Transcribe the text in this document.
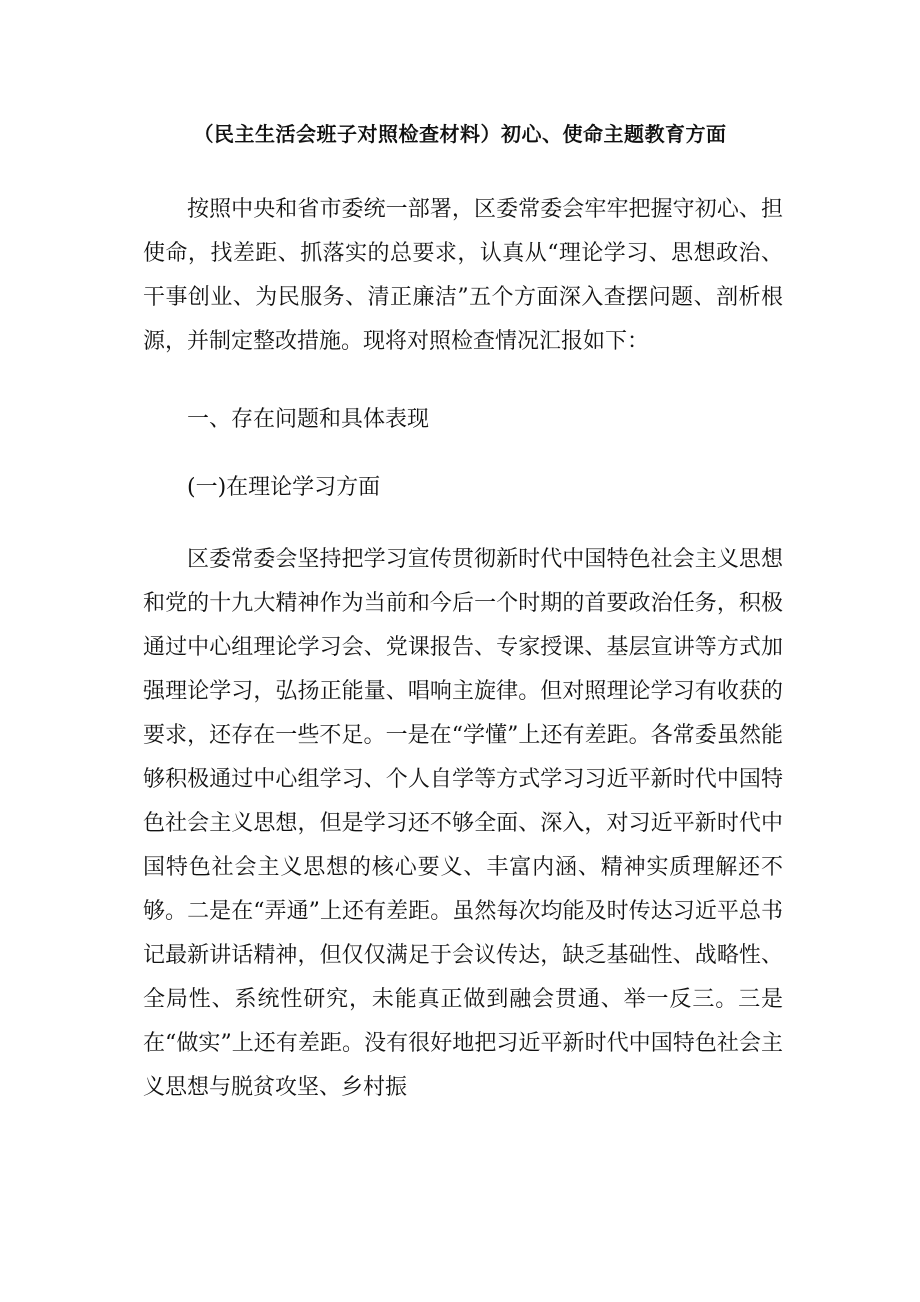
（民主生活会班子对照检查材料）初心、使命主题教育方面

按照中央和省市委统一部署，区委常委会牢牢把握守初心、担使命，找差距、抓落实的总要求，认真从“理论学习、思想政治、干事创业、为民服务、清正廉洁”五个方面深入查摆问题、剖析根源，并制定整改措施。现将对照检查情况汇报如下：

一、存在问题和具体表现

(一)在理论学习方面

区委常委会坚持把学习宣传贯彻新时代中国特色社会主义思想和党的十九大精神作为当前和今后一个时期的首要政治任务，积极通过中心组理论学习会、党课报告、专家授课、基层宣讲等方式加强理论学习，弘扬正能量、唱响主旋律。但对照理论学习有收获的要求，还存在一些不足。一是在“学懂”上还有差距。各常委虽然能够积极通过中心组学习、个人自学等方式学习习近平新时代中国特色社会主义思想，但是学习还不够全面、深入，对习近平新时代中国特色社会主义思想的核心要义、丰富内涵、精神实质理解还不够。二是在“弄通”上还有差距。虽然每次均能及时传达习近平总书记最新讲话精神，但仅仅满足于会议传达，缺乏基础性、战略性、全局性、系统性研究，未能真正做到融会贯通、举一反三。三是在“做实”上还有差距。没有很好地把习近平新时代中国特色社会主义思想与脱贫攻坚、乡村振
